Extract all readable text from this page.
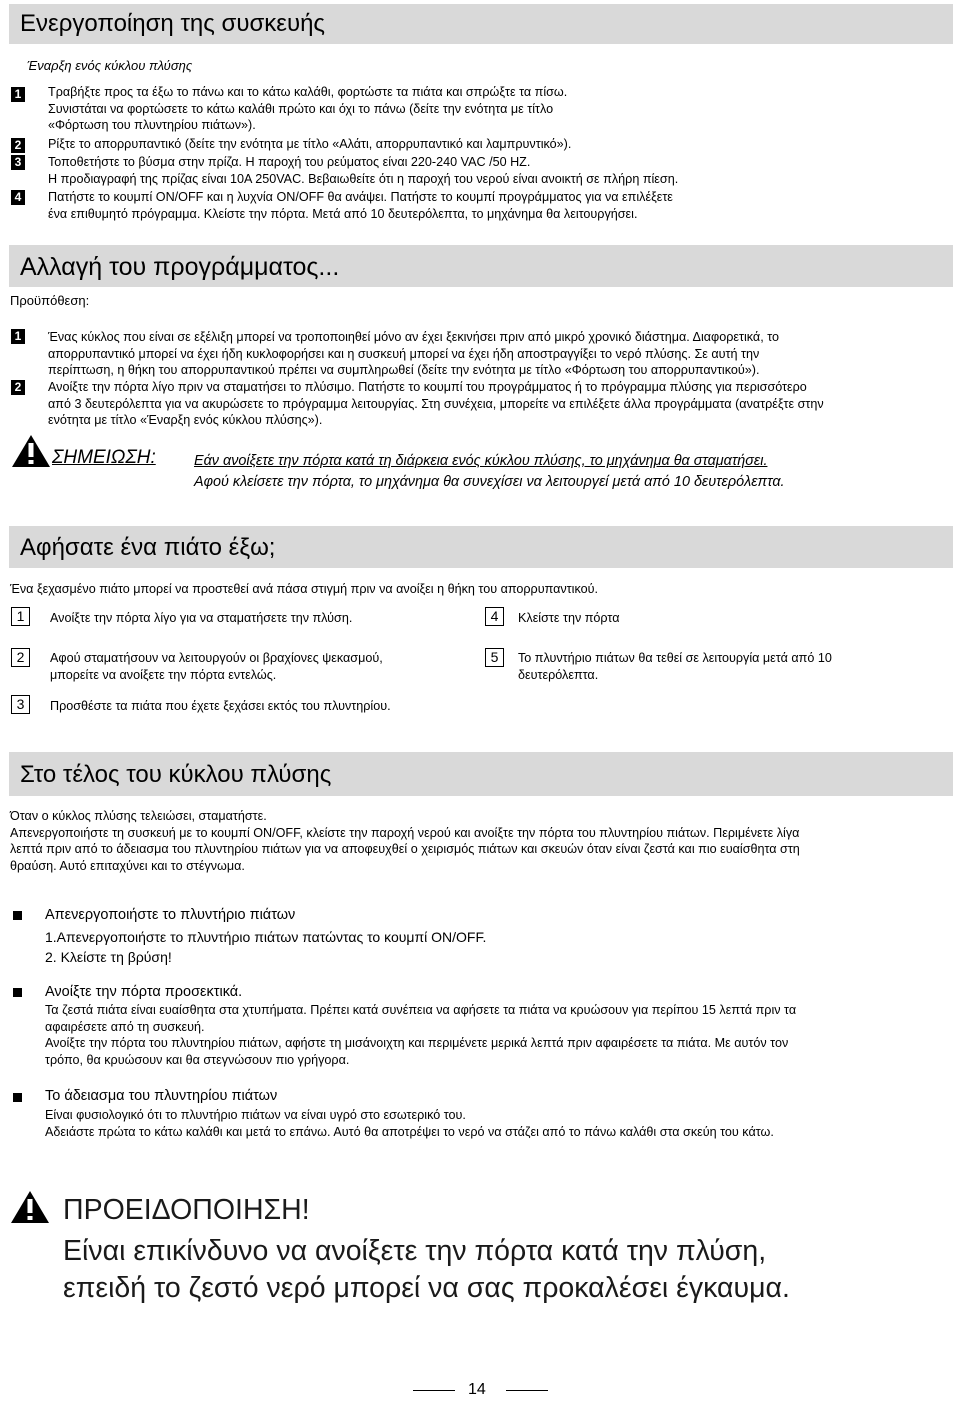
Ενεργοποίηση της συσκευής
Έναρξη ενός κύκλου πλύσης
1 Τραβήξτε προς τα έξω το πάνω και το κάτω καλάθι, φορτώστε τα πιάτα και σπρώξτε τα πίσω.
Συνιστάται να φορτώσετε το κάτω καλάθι πρώτο και όχι το πάνω (δείτε την ενότητα με τίτλο
«Φόρτωση του πλυντηρίου πιάτων»).
2 Ρίξτε το απορρυπαντικό (δείτε την ενότητα με τίτλο «Αλάτι, απορρυπαντικό και λαμπρυντικό»).
3 Τοποθετήστε το βύσμα στην πρίζα. Η παροχή του ρεύματος είναι 220-240 VAC /50 HZ.
Η προδιαγραφή της πρίζας είναι 10A 250VAC. Βεβαιωθείτε ότι η παροχή του νερού είναι ανοικτή σε πλήρη πίεση.
4 Πατήστε το κουμπί ON/OFF και η λυχνία ON/OFF θα ανάψει. Πατήστε το κουμπί προγράμματος για να επιλέξετε
ένα επιθυμητό πρόγραμμα. Κλείστε την πόρτα. Μετά από 10 δευτερόλεπτα, το μηχάνημα θα λειτουργήσει.
Αλλαγή του προγράμματος...
Προϋπόθεση:
1 Ένας κύκλος που είναι σε εξέλιξη μπορεί να τροποποιηθεί μόνο αν έχει ξεκινήσει πριν από μικρό χρονικό διάστημα. Διαφορετικά, το
απορρυπαντικό μπορεί να έχει ήδη κυκλοφορήσει και η συσκευή μπορεί να έχει ήδη αποστραγγίξει το νερό πλύσης. Σε αυτή την
περίπτωση, η θήκη του απορρυπαντικού πρέπει να συμπληρωθεί (δείτε την ενότητα με τίτλο «Φόρτωση του απορρυπαντικού»).
2 Ανοίξτε την πόρτα λίγο πριν να σταματήσει το πλύσιμο. Πατήστε το κουμπί του προγράμματος ή το πρόγραμμα πλύσης για περισσότερο
από 3 δευτερόλεπτα για να ακυρώσετε το πρόγραμμα λειτουργίας. Στη συνέχεια, μπορείτε να επιλέξετε άλλα προγράμματα (ανατρέξτε στην
ενότητα με τίτλο «Έναρξη ενός κύκλου πλύσης»).
ΣΗΜΕΙΩΣΗ:	Εάν ανοίξετε την πόρτα κατά τη διάρκεια ενός κύκλου πλύσης, το μηχάνημα θα σταματήσει.
Αφού κλείσετε την πόρτα, το μηχάνημα θα συνεχίσει να λειτουργεί μετά από 10 δευτερόλεπτα.
Αφήσατε ένα πιάτο έξω;
Ένα ξεχασμένο πιάτο μπορεί να προστεθεί ανά πάσα στιγμή πριν να ανοίξει η θήκη του απορρυπαντικού.
1	Ανοίξτε την πόρτα λίγο για να σταματήσετε την πλύση.
2	Αφού σταματήσουν να λειτουργούν οι βραχίονες ψεκασμού,
μπορείτε να ανοίξετε την πόρτα εντελώς.
3	Προσθέστε τα πιάτα που έχετε ξεχάσει εκτός του πλυντηρίου.
4	Κλείστε την πόρτα
5	Το πλυντήριο πιάτων θα τεθεί σε λειτουργία μετά από 10
δευτερόλεπτα.
Στο τέλος του κύκλου πλύσης
Όταν ο κύκλος πλύσης τελειώσει, σταματήστε.
Απενεργοποιήστε τη συσκευή με το κουμπί ON/OFF, κλείστε την παροχή νερού και ανοίξτε την πόρτα του πλυντηρίου πιάτων. Περιμένετε λίγα
λεπτά πριν από το άδειασμα του πλυντηρίου πιάτων για να αποφευχθεί ο χειρισμός πιάτων και σκευών όταν είναι ζεστά και πιο ευαίσθητα στη
θραύση. Αυτό επιταχύνει και το στέγνωμα.
Απενεργοποιήστε το πλυντήριο πιάτων
1.Απενεργοποιήστε το πλυντήριο πιάτων πατώντας το κουμπί ON/OFF.
2. Κλείστε τη βρύση!
Ανοίξτε την πόρτα προσεκτικά.
Τα ζεστά πιάτα είναι ευαίσθητα στα χτυπήματα. Πρέπει κατά συνέπεια να αφήσετε τα πιάτα να κρυώσουν για περίπου 15 λεπτά πριν τα
αφαιρέσετε από τη συσκευή.
Ανοίξτε την πόρτα του πλυντηρίου πιάτων, αφήστε τη μισάνοιχτη και περιμένετε μερικά λεπτά πριν αφαιρέσετε τα πιάτα. Με αυτόν τον
τρόπο, θα κρυώσουν και θα στεγνώσουν πιο γρήγορα.
Το άδειασμα του πλυντηρίου πιάτων
Είναι φυσιολογικό ότι το πλυντήριο πιάτων να είναι υγρό στο εσωτερικό του.
Αδειάστε πρώτα το κάτω καλάθι και μετά το επάνω. Αυτό θα αποτρέψει το νερό να στάζει από το πάνω καλάθι στα σκεύη του κάτω.
ΠΡΟΕΙΔΟΠΟΙΗΣΗ!
Είναι επικίνδυνο να ανοίξετε την πόρτα κατά την πλύση,
επειδή το ζεστό νερό μπορεί να σας προκαλέσει έγκαυμα.
14
